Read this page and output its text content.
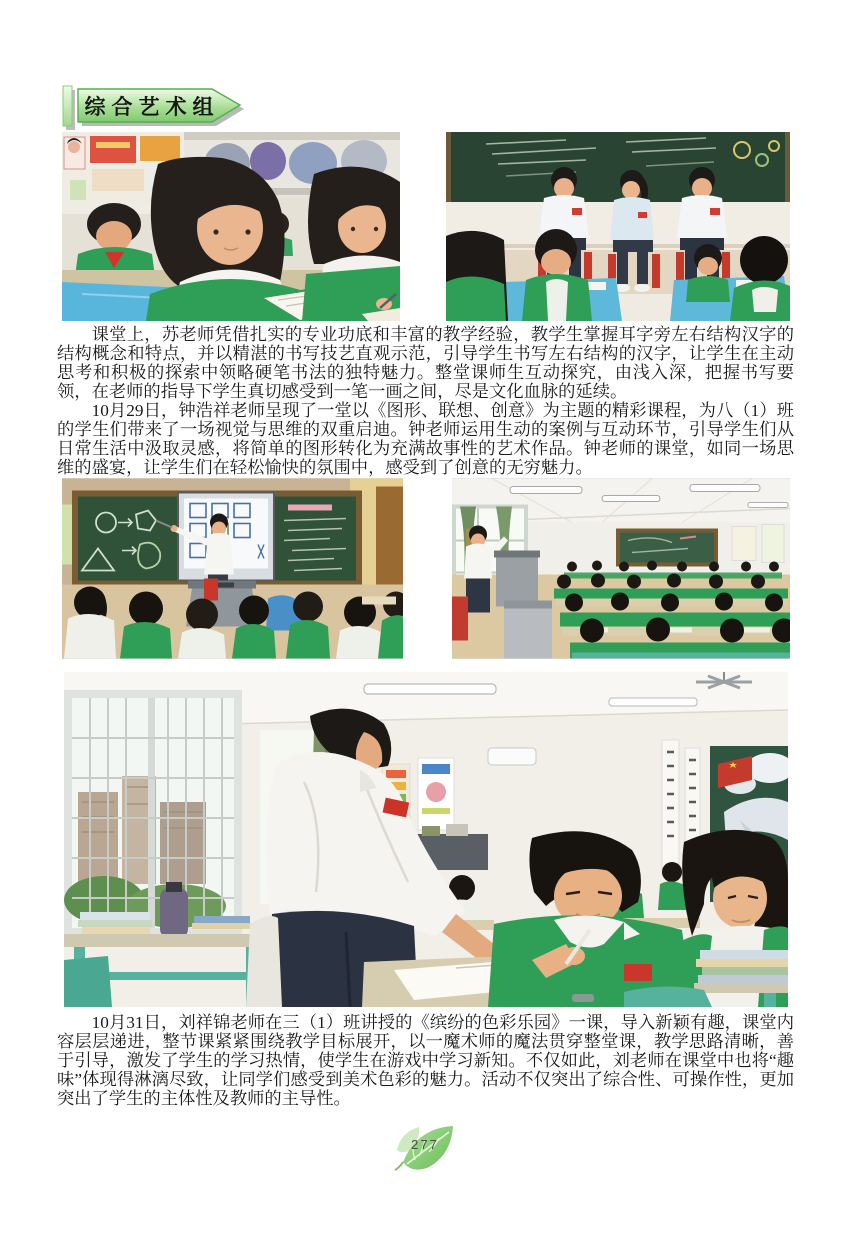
综合艺术组

课堂上，苏老师凭借扎实的专业功底和丰富的教学经验，教学生掌握耳字旁左右结构汉字的结构概念和特点，并以精湛的书写技艺直观示范，引导学生书写左右结构的汉字，让学生在主动思考和积极的探索中领略硬笔书法的独特魅力。整堂课师生互动探究，由浅入深，把握书写要领，在老师的指导下学生真切感受到一笔一画之间，尽是文化血脉的延续。

10月29日，钟浩祥老师呈现了一堂以《图形、联想、创意》为主题的精彩课程，为八（1）班的学生们带来了一场视觉与思维的双重启迪。钟老师运用生动的案例与互动环节，引导学生们从日常生活中汲取灵感，将简单的图形转化为充满故事性的艺术作品。钟老师的课堂，如同一场思维的盛宴，让学生们在轻松愉快的氛围中，感受到了创意的无穷魅力。

10月31日，刘祥锦老师在三（1）班讲授的《缤纷的色彩乐园》一课，导入新颖有趣，课堂内容层层递进，整节课紧紧围绕教学目标展开，以一魔术师的魔法贯穿整堂课，教学思路清晰，善于引导，激发了学生的学习热情，使学生在游戏中学习新知。不仅如此，刘老师在课堂中也将“趣味”体现得淋漓尽致，让同学们感受到美术色彩的魅力。活动不仅突出了综合性、可操作性，更加突出了学生的主体性及教师的主导性。

277
